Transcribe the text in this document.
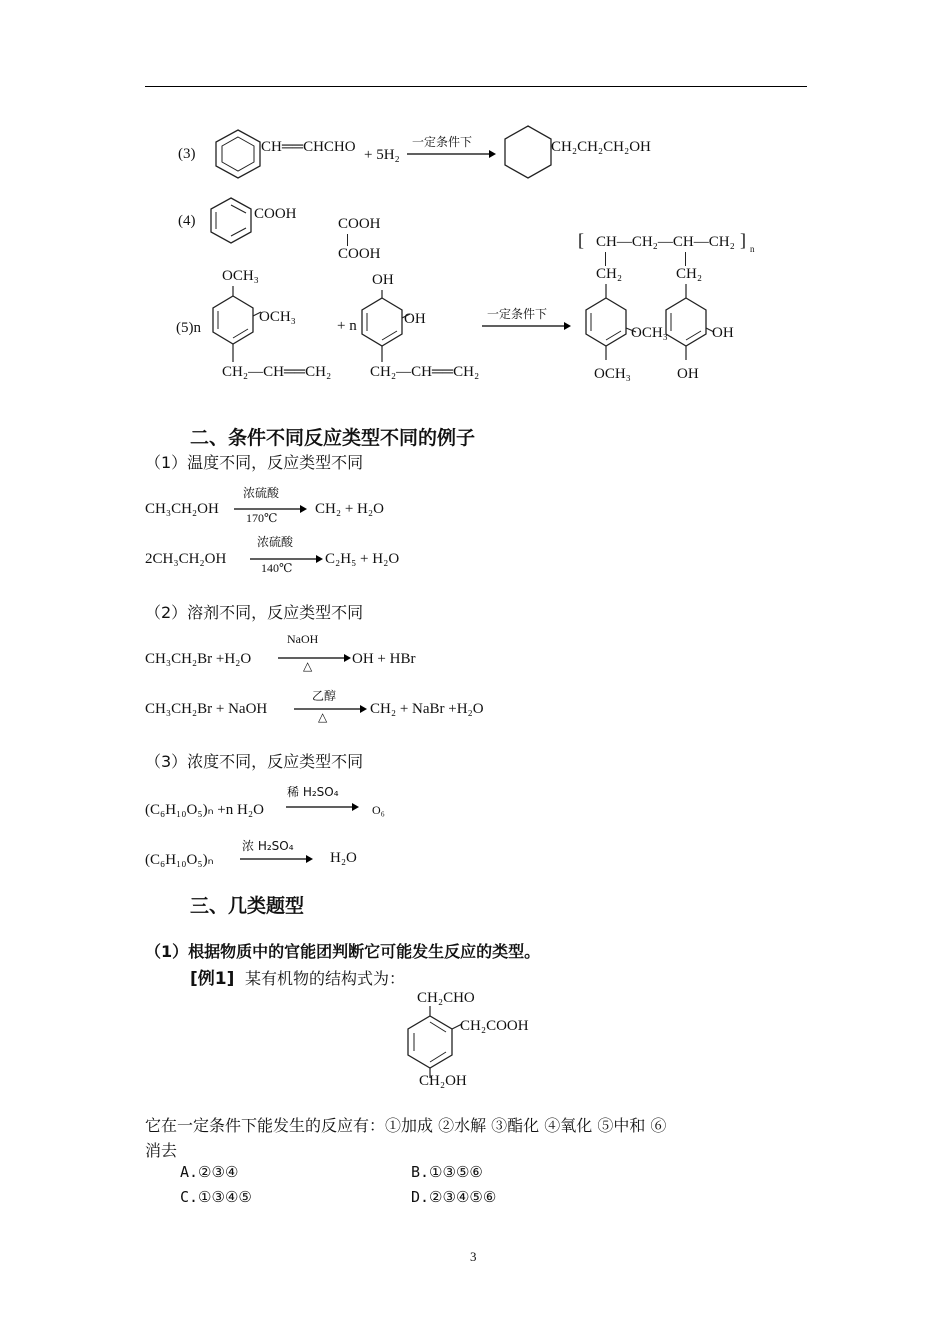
(3)	CH══CHCHO + 5H₂
一定条件下	CH₂CH₂CH₂OH
(4)	COOH
COOH
COOH
(5)n
OCH₃
OCH₃
CH₂—CH══CH₂
+ n
OH
OH
CH₂—CH══CH₂
一定条件下
[ CH—CH₂—CH—CH₂ ] n
CH₂	CH₂
OCH₃	OH
OCH₃	OH
二、条件不同反应类型不同的例子
（1）温度不同，反应类型不同
CH₃CH₂OH
浓硫酸
170℃
CH₂ + H₂O
2CH₃CH₂OH
浓硫酸
140℃
C₂H₅ + H₂O
（2）溶剂不同，反应类型不同
CH₃CH₂Br +H₂O
NaOH
△	OH + HBr
CH₃CH₂Br + NaOH
乙醇
△	CH₂ + NaBr +H₂O
（3）浓度不同，反应类型不同
(C₆H₁₀O₅)ₙ +n H₂O
稀 H₂SO₄
O₆
(C₆H₁₀O₅)ₙ
浓 H₂SO₄
H₂O
三、几类题型
（1）根据物质中的官能团判断它可能发生反应的类型。
[例1] 某有机物的结构式为：
CH₂CHO
CH₂COOH
CH₂OH
它在一定条件下能发生的反应有：①加成 ②水解 ③酯化 ④氧化 ⑤中和 ⑥
消去
A.②③④	B.①③⑤⑥
C.①③④⑤	D.②③④⑤⑥
3
